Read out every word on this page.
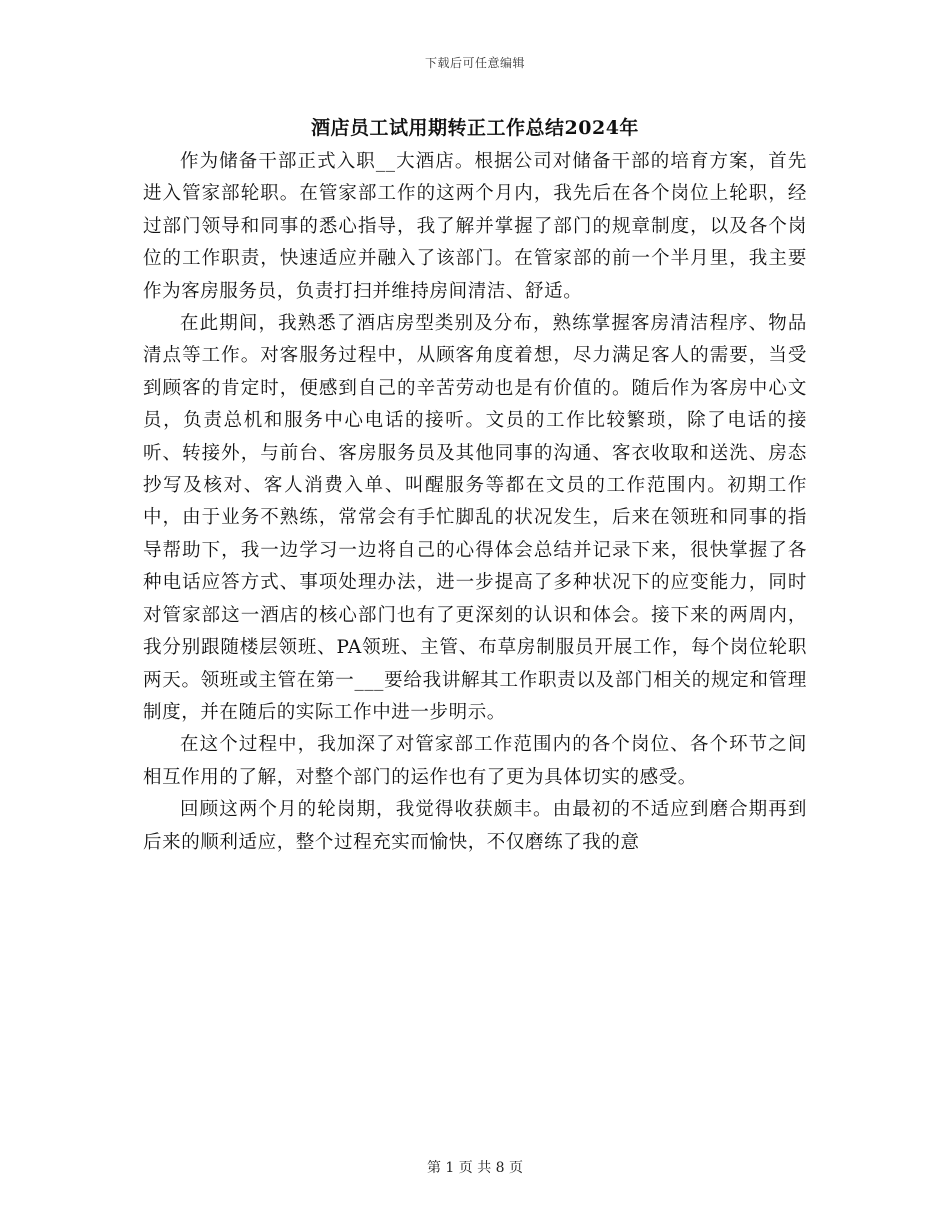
下载后可任意编辑
酒店员工试用期转正工作总结2024年

作为储备干部正式入职__大酒店。根据公司对储备干部的培育方案，首先进入管家部轮职。在管家部工作的这两个月内，我先后在各个岗位上轮职，经过部门领导和同事的悉心指导，我了解并掌握了部门的规章制度，以及各个岗位的工作职责，快速适应并融入了该部门。在管家部的前一个半月里，我主要作为客房服务员，负责打扫并维持房间清洁、舒适。

在此期间，我熟悉了酒店房型类别及分布，熟练掌握客房清洁程序、物品清点等工作。对客服务过程中，从顾客角度着想，尽力满足客人的需要，当受到顾客的肯定时，便感到自己的辛苦劳动也是有价值的。随后作为客房中心文员，负责总机和服务中心电话的接听。文员的工作比较繁琐，除了电话的接听、转接外，与前台、客房服务员及其他同事的沟通、客衣收取和送洗、房态抄写及核对、客人消费入单、叫醒服务等都在文员的工作范围内。初期工作中，由于业务不熟练，常常会有手忙脚乱的状况发生，后来在领班和同事的指导帮助下，我一边学习一边将自己的心得体会总结并记录下来，很快掌握了各种电话应答方式、事项处理办法，进一步提高了多种状况下的应变能力，同时对管家部这一酒店的核心部门也有了更深刻的认识和体会。接下来的两周内，我分别跟随楼层领班、PA领班、主管、布草房制服员开展工作，每个岗位轮职两天。领班或主管在第一___要给我讲解其工作职责以及部门相关的规定和管理制度，并在随后的实际工作中进一步明示。

在这个过程中，我加深了对管家部工作范围内的各个岗位、各个环节之间相互作用的了解，对整个部门的运作也有了更为具体切实的感受。

回顾这两个月的轮岗期，我觉得收获颇丰。由最初的不适应到磨合期再到后来的顺利适应，整个过程充实而愉快，不仅磨练了我的意

第 1 页 共 8 页
